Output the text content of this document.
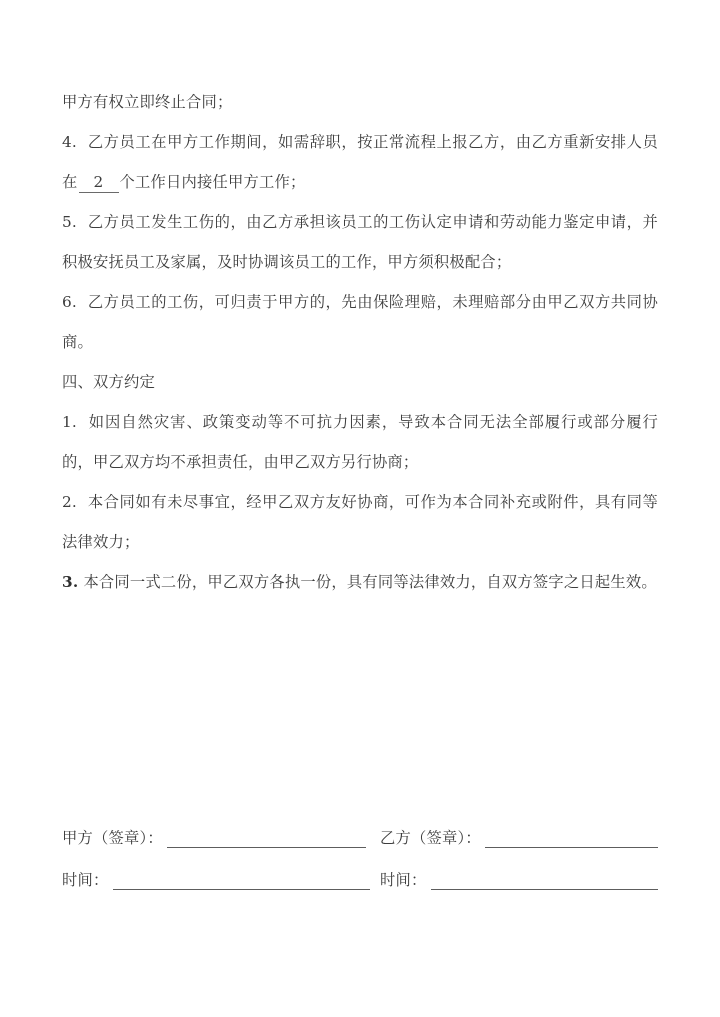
甲方有权立即终止合同；

4. 乙方员工在甲方工作期间，如需辞职，按正常流程上报乙方，由乙方重新安排人员在 2 个工作日内接任甲方工作；

5. 乙方员工发生工伤的，由乙方承担该员工的工伤认定申请和劳动能力鉴定申请，并积极安抚员工及家属，及时协调该员工的工作，甲方须积极配合；

6. 乙方员工的工伤，可归责于甲方的，先由保险理赔，未理赔部分由甲乙双方共同协商。

四、双方约定

1. 如因自然灾害、政策变动等不可抗力因素，导致本合同无法全部履行或部分履行的，甲乙双方均不承担责任，由甲乙双方另行协商；

2. 本合同如有未尽事宜，经甲乙双方友好协商，可作为本合同补充或附件，具有同等法律效力；

3. 本合同一式二份，甲乙双方各执一份，具有同等法律效力，自双方签字之日起生效。

甲方（签章）：	乙方（签章）：
时间：	时间：
